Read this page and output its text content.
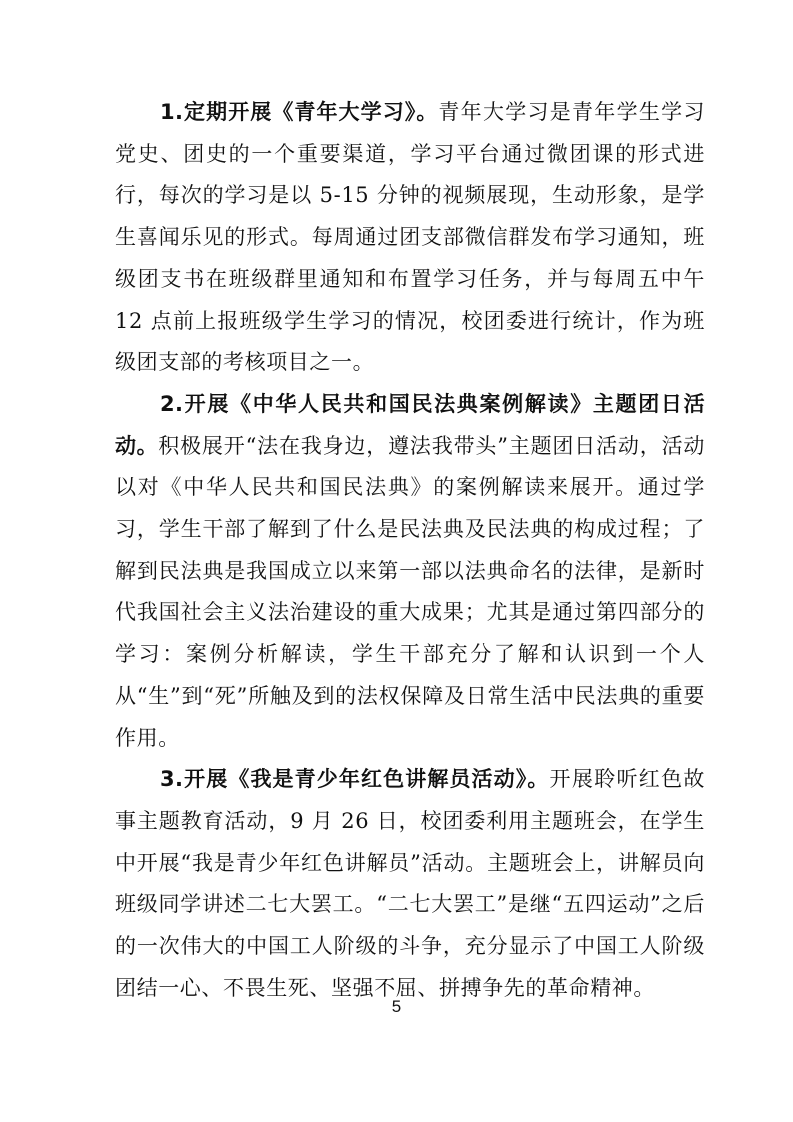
1.定期开展《青年大学习》。青年大学习是青年学生学习党史、团史的一个重要渠道，学习平台通过微团课的形式进行，每次的学习是以 5-15 分钟的视频展现，生动形象，是学生喜闻乐见的形式。每周通过团支部微信群发布学习通知，班级团支书在班级群里通知和布置学习任务，并与每周五中午 12 点前上报班级学生学习的情况，校团委进行统计，作为班级团支部的考核项目之一。

2.开展《中华人民共和国民法典案例解读》主题团日活动。积极展开“法在我身边，遵法我带头”主题团日活动，活动以对《中华人民共和国民法典》的案例解读来展开。通过学习，学生干部了解到了什么是民法典及民法典的构成过程；了解到民法典是我国成立以来第一部以法典命名的法律，是新时代我国社会主义法治建设的重大成果；尤其是通过第四部分的学习：案例分析解读，学生干部充分了解和认识到一个人从“生”到“死”所触及到的法权保障及日常生活中民法典的重要作用。

3.开展《我是青少年红色讲解员活动》。开展聆听红色故事主题教育活动，9 月 26 日，校团委利用主题班会，在学生中开展“我是青少年红色讲解员”活动。主题班会上，讲解员向班级同学讲述二七大罢工。“二七大罢工”是继“五四运动”之后的一次伟大的中国工人阶级的斗争，充分显示了中国工人阶级团结一心、不畏生死、坚强不屈、拼搏争先的革命精神。

5
